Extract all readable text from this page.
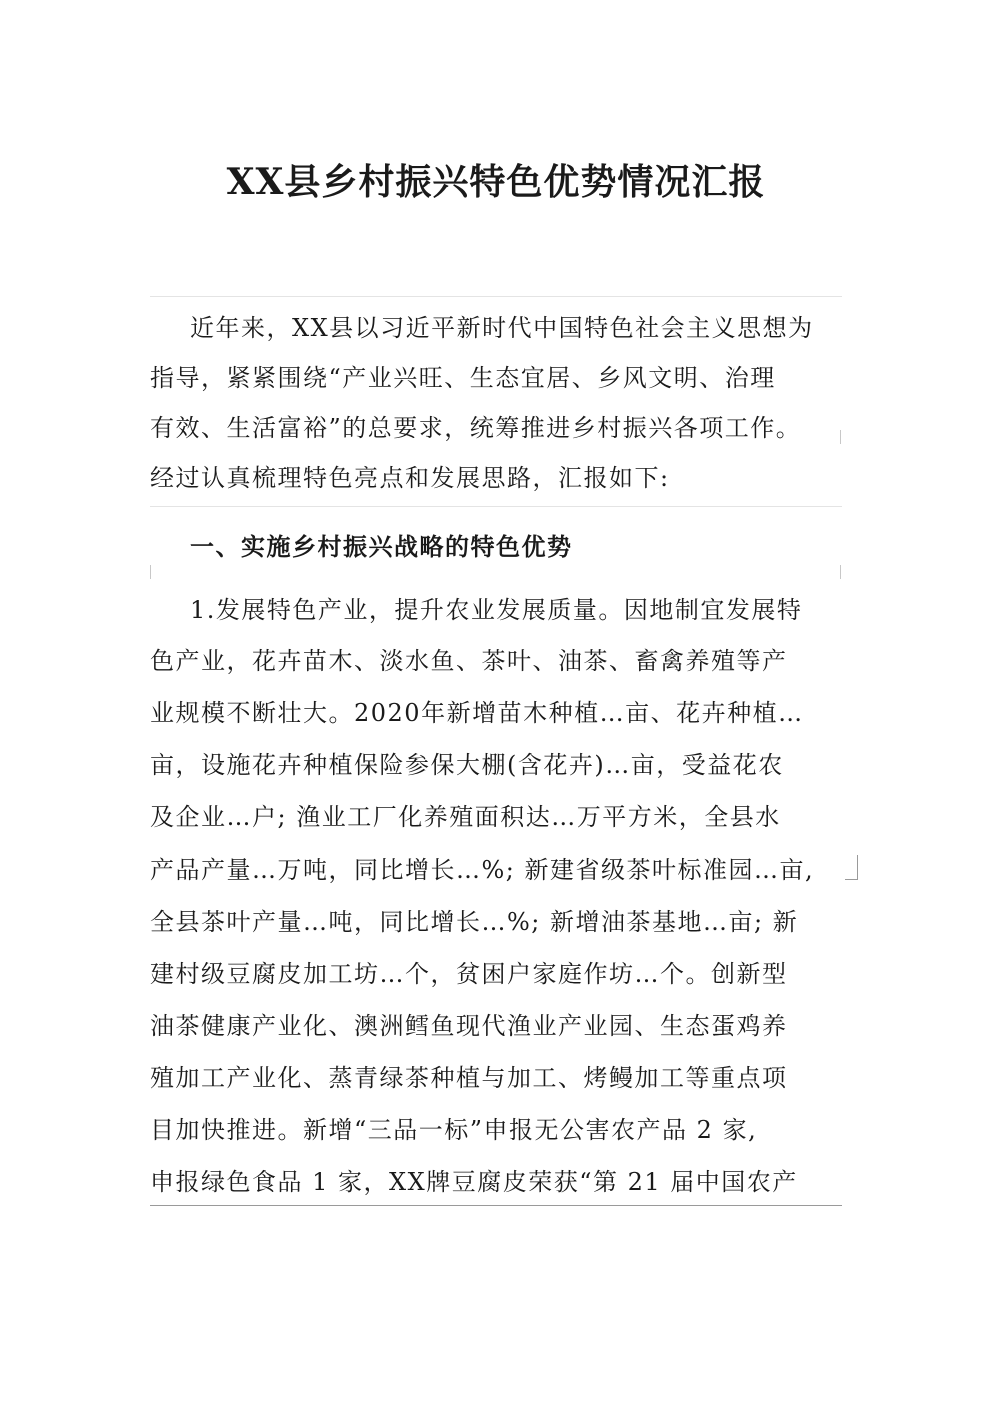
XX县乡村振兴特色优势情况汇报
近年来，XX县以习近平新时代中国特色社会主义思想为
指导，紧紧围绕“产业兴旺、生态宜居、乡风文明、治理
有效、生活富裕”的总要求，统筹推进乡村振兴各项工作。
经过认真梳理特色亮点和发展思路，汇报如下:
一、实施乡村振兴战略的特色优势
1.发展特色产业，提升农业发展质量。因地制宜发展特
色产业，花卉苗木、淡水鱼、茶叶、油茶、畜禽养殖等产
业规模不断壮大。2020年新增苗木种植…亩、花卉种植…
亩，设施花卉种植保险参保大棚(含花卉)…亩，受益花农
及企业…户; 渔业工厂化养殖面积达…万平方米，全县水
产品产量…万吨，同比增长…%; 新建省级茶叶标准园…亩,
全县茶叶产量…吨，同比增长…%; 新增油茶基地…亩; 新
建村级豆腐皮加工坊…个，贫困户家庭作坊…个。创新型
油茶健康产业化、澳洲鳕鱼现代渔业产业园、生态蛋鸡养
殖加工产业化、蒸青绿茶种植与加工、烤鳗加工等重点项
目加快推进。新增“三品一标”申报无公害农产品 2 家,
申报绿色食品 1 家，XX牌豆腐皮荣获“第 21 届中国农产
